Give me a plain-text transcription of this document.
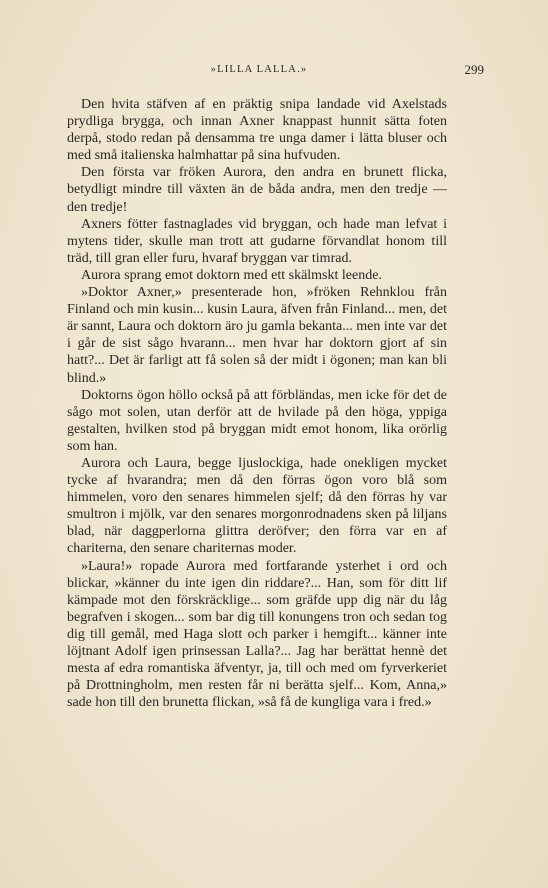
»LILLA LALLA.»	299

Den hvita stäfven af en präktig snipa landade vid Axelstads prydliga brygga, och innan Axner knappast hunnit sätta foten derpå, stodo redan på densamma tre unga damer i lätta bluser och med små italienska halmhattar på sina hufvuden.

Den första var fröken Aurora, den andra en brunett flicka, betydligt mindre till växten än de båda andra, men den tredje — den tredje!

Axners fötter fastnaglades vid bryggan, och hade man lefvat i mytens tider, skulle man trott att gudarne förvandlat honom till träd, till gran eller furu, hvaraf bryggan var timrad.

Aurora sprang emot doktorn med ett skälmskt leende.

»Doktor Axner,» presenterade hon, »fröken Rehnklou från Finland och min kusin... kusin Laura, äfven från Finland... men, det är sannt, Laura och doktorn äro ju gamla bekanta... men inte var det i går de sist sågo hvarann... men hvar har doktorn gjort af sin hatt?... Det är farligt att få solen så der midt i ögonen; man kan bli blind.»

Doktorns ögon höllo också på att förbländas, men icke för det de sågo mot solen, utan derför att de hvilade på den höga, yppiga gestalten, hvilken stod på bryggan midt emot honom, lika orörlig som han.

Aurora och Laura, begge ljuslockiga, hade onekligen mycket tycke af hvarandra; men då den förras ögon voro blå som himmelen, voro den senares himmelen sjelf; då den förras hy var smultron i mjölk, var den senares morgonrodnadens sken på liljans blad, när daggperlorna glittra deröfver; den förra var en af chariterna, den senare chariternas moder.

»Laura!» ropade Aurora med fortfarande ysterhet i ord och blickar, »känner du inte igen din riddare?... Han, som för ditt lif kämpade mot den förskräcklige... som gräfde upp dig när du låg begrafven i skogen... som bar dig till konungens tron och sedan tog dig till gemål, med Haga slott och parker i hemgift... känner inte löjtnant Adolf igen prinsessan Lalla?... Jag har berättat hennè det mesta af edra romantiska äfventyr, ja, till och med om fyrverkeriet på Drottningholm, men resten får ni berätta sjelf... Kom, Anna,» sade hon till den brunetta flickan, »så få de kungliga vara i fred.»
